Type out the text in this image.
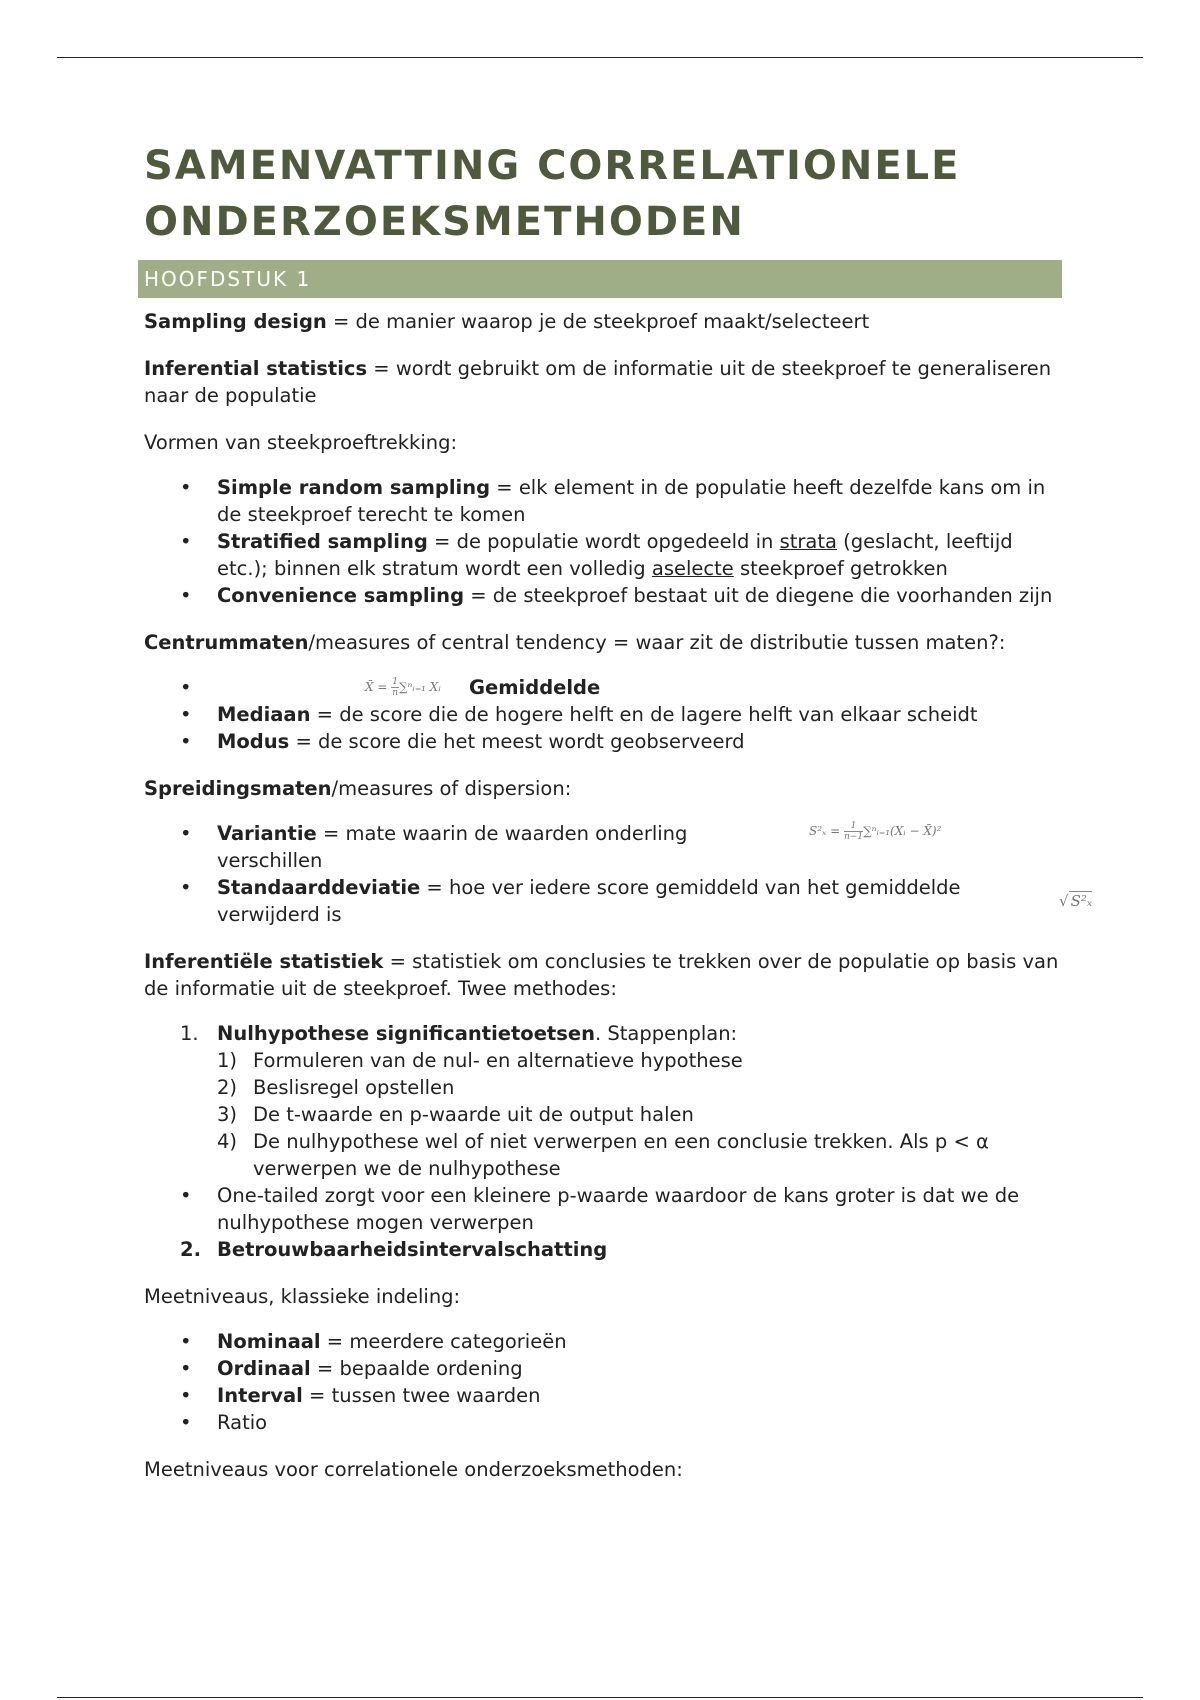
SAMENVATTING CORRELATIONELE
ONDERZOEKSMETHODEN
HOOFDSTUK 1

Sampling design = de manier waarop je de steekproef maakt/selecteert

Inferential statistics = wordt gebruikt om de informatie uit de steekproef te generaliseren naar de populatie

Vormen van steekproeftrekking:

•	Simple random sampling = elk element in de populatie heeft dezelfde kans om in de steekproef terecht te komen
•	Stratified sampling = de populatie wordt opgedeeld in strata (geslacht, leeftijd etc.); binnen elk stratum wordt een volledig aselecte steekproef getrokken
•	Convenience sampling = de steekproef bestaat uit de diegene die voorhanden zijn

Centrummaten/measures of central tendency = waar zit de distributie tussen maten?:

•	X̄ = $\frac{1}{n}$ ∑ⁿᵢ₌₁ Xᵢ Gemiddelde
•	Mediaan = de score die de hogere helft en de lagere helft van elkaar scheidt
•	Modus = de score die het meest wordt geobserveerd

Spreidingsmaten/measures of dispersion:

•	Variantie = mate waarin de waarden onderling
verschillen
$S^2_x = \frac{1}{n-1}$ ∑ⁿᵢ₌₁(Xᵢ − X̄)²
•	Standaarddeviatie = hoe ver iedere score gemiddeld van het gemiddelde
verwijderd is
√ S²ₓ

Inferentiële statistiek = statistiek om conclusies te trekken over de populatie op basis van de informatie uit de steekproef. Twee methodes:

1. Nulhypothese significantietoetsen. Stappenplan:
1) Formuleren van de nul- en alternatieve hypothese
2) Beslisregel opstellen
3) De t-waarde en p-waarde uit de output halen
4) De nulhypothese wel of niet verwerpen en een conclusie trekken. Als p < α verwerpen we de nulhypothese
•	One-tailed zorgt voor een kleinere p-waarde waardoor de kans groter is dat we de nulhypothese mogen verwerpen
2. Betrouwbaarheidsintervalschatting

Meetniveaus, klassieke indeling:

•	Nominaal = meerdere categorieën
•	Ordinaal = bepaalde ordening
•	Interval = tussen twee waarden
•	Ratio

Meetniveaus voor correlationele onderzoeksmethoden:
